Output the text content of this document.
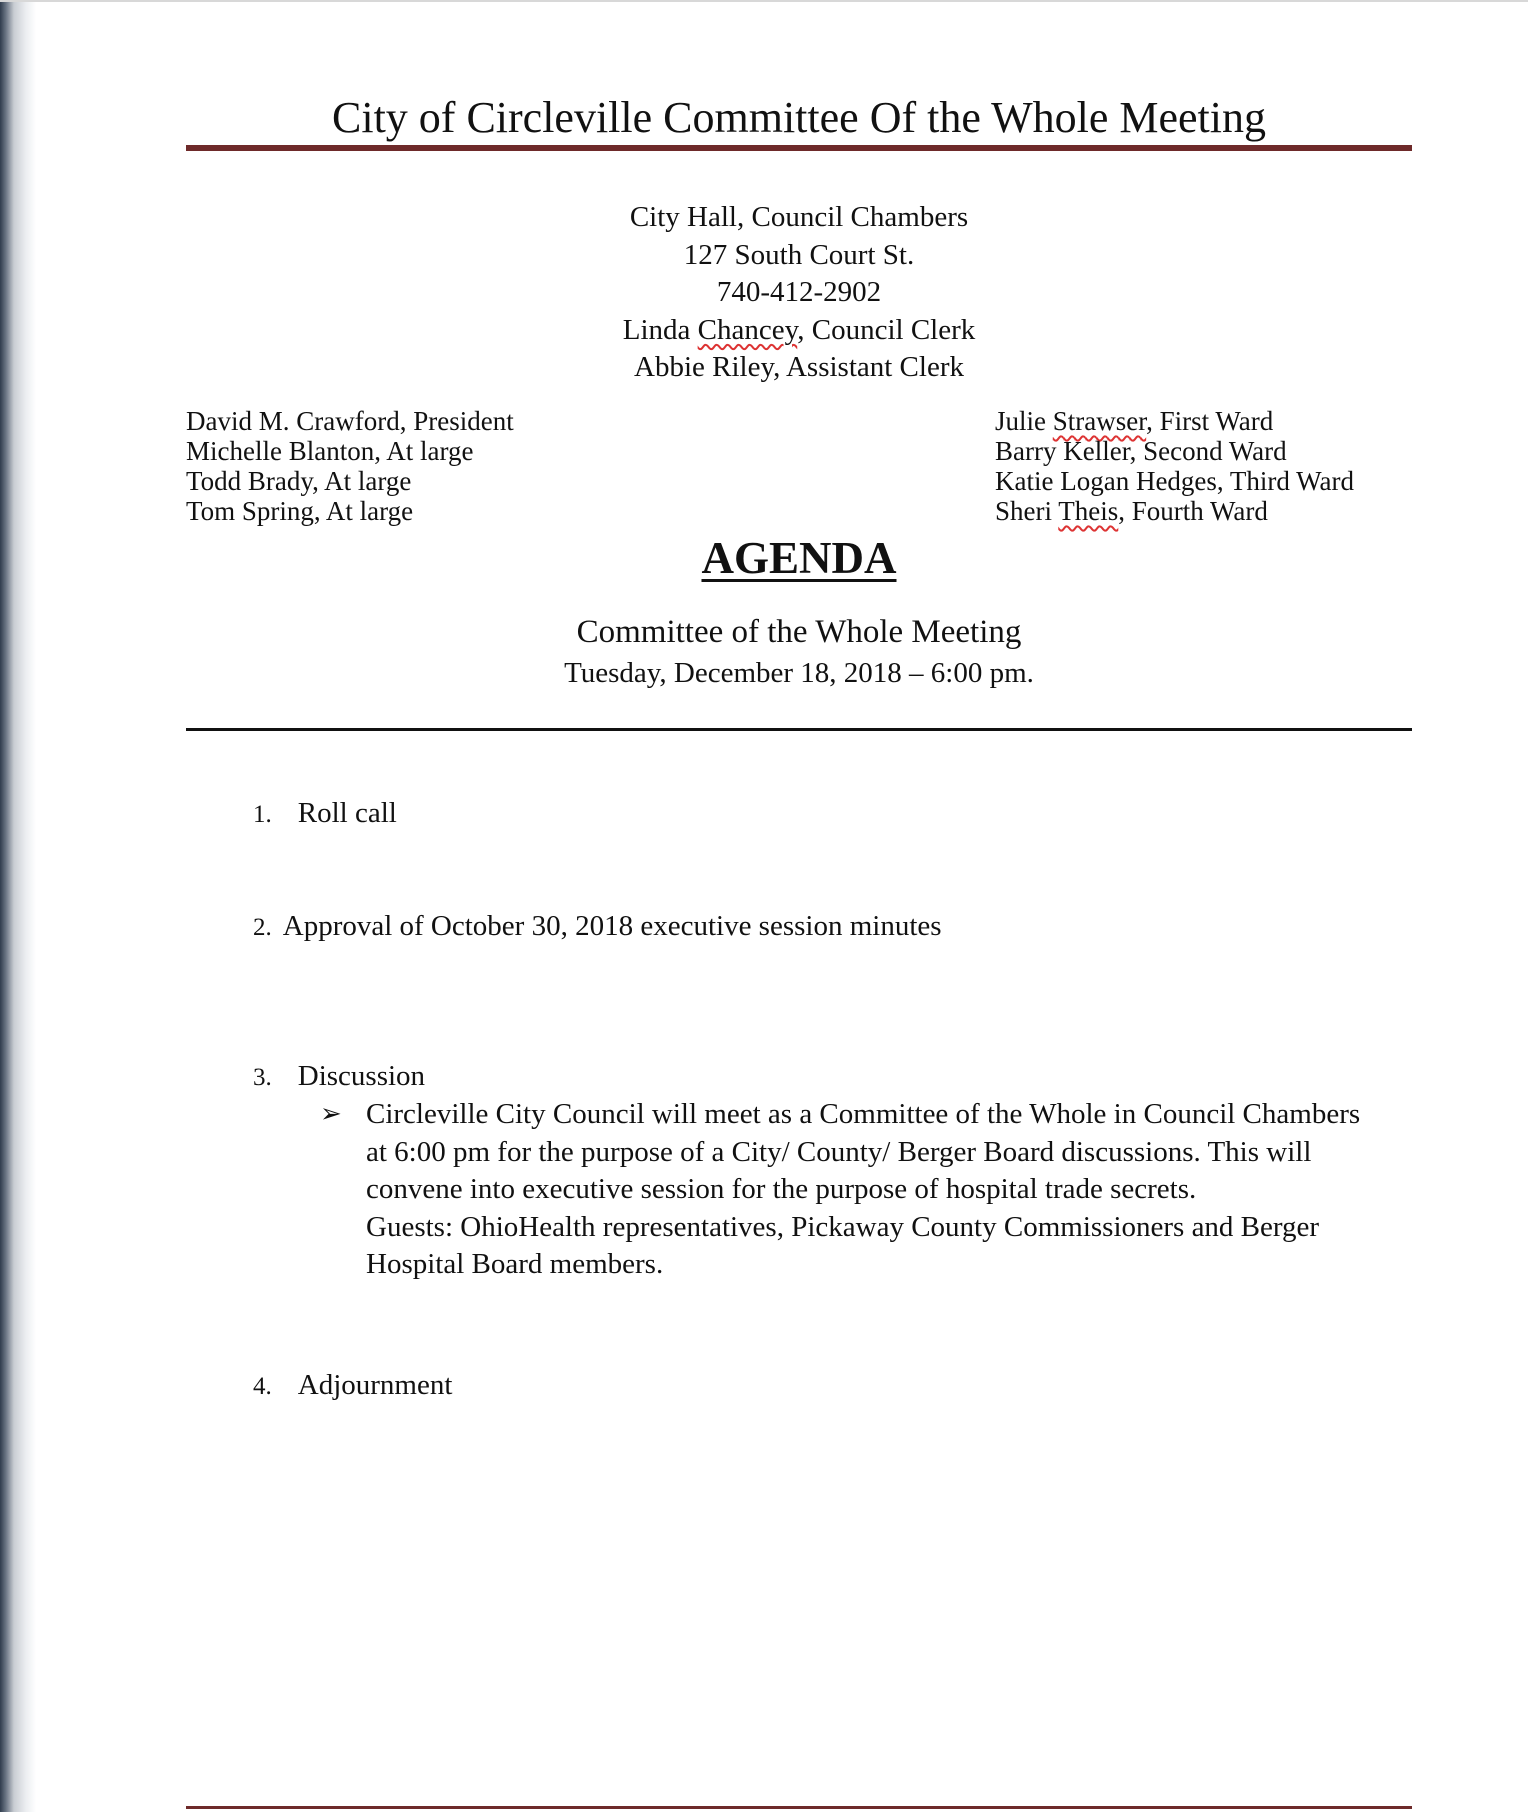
City of Circleville Committee Of the Whole Meeting
City Hall, Council Chambers
127 South Court St.
740-412-2902
Linda Chancey, Council Clerk
Abbie Riley, Assistant Clerk
David M. Crawford, President
Michelle Blanton, At large
Todd Brady, At large
Tom Spring, At large
Julie Strawser, First Ward
Barry Keller, Second Ward
Katie Logan Hedges, Third Ward
Sheri Theis, Fourth Ward
AGENDA
Committee of the Whole Meeting
Tuesday, December 18, 2018 – 6:00 pm.
1. Roll call
2. Approval of October 30, 2018 executive session minutes
3. Discussion
➢ Circleville City Council will meet as a Committee of the Whole in Council Chambers
at 6:00 pm for the purpose of a City/ County/ Berger Board discussions. This will
convene into executive session for the purpose of hospital trade secrets.
Guests: OhioHealth representatives, Pickaway County Commissioners and Berger
Hospital Board members.
4. Adjournment
